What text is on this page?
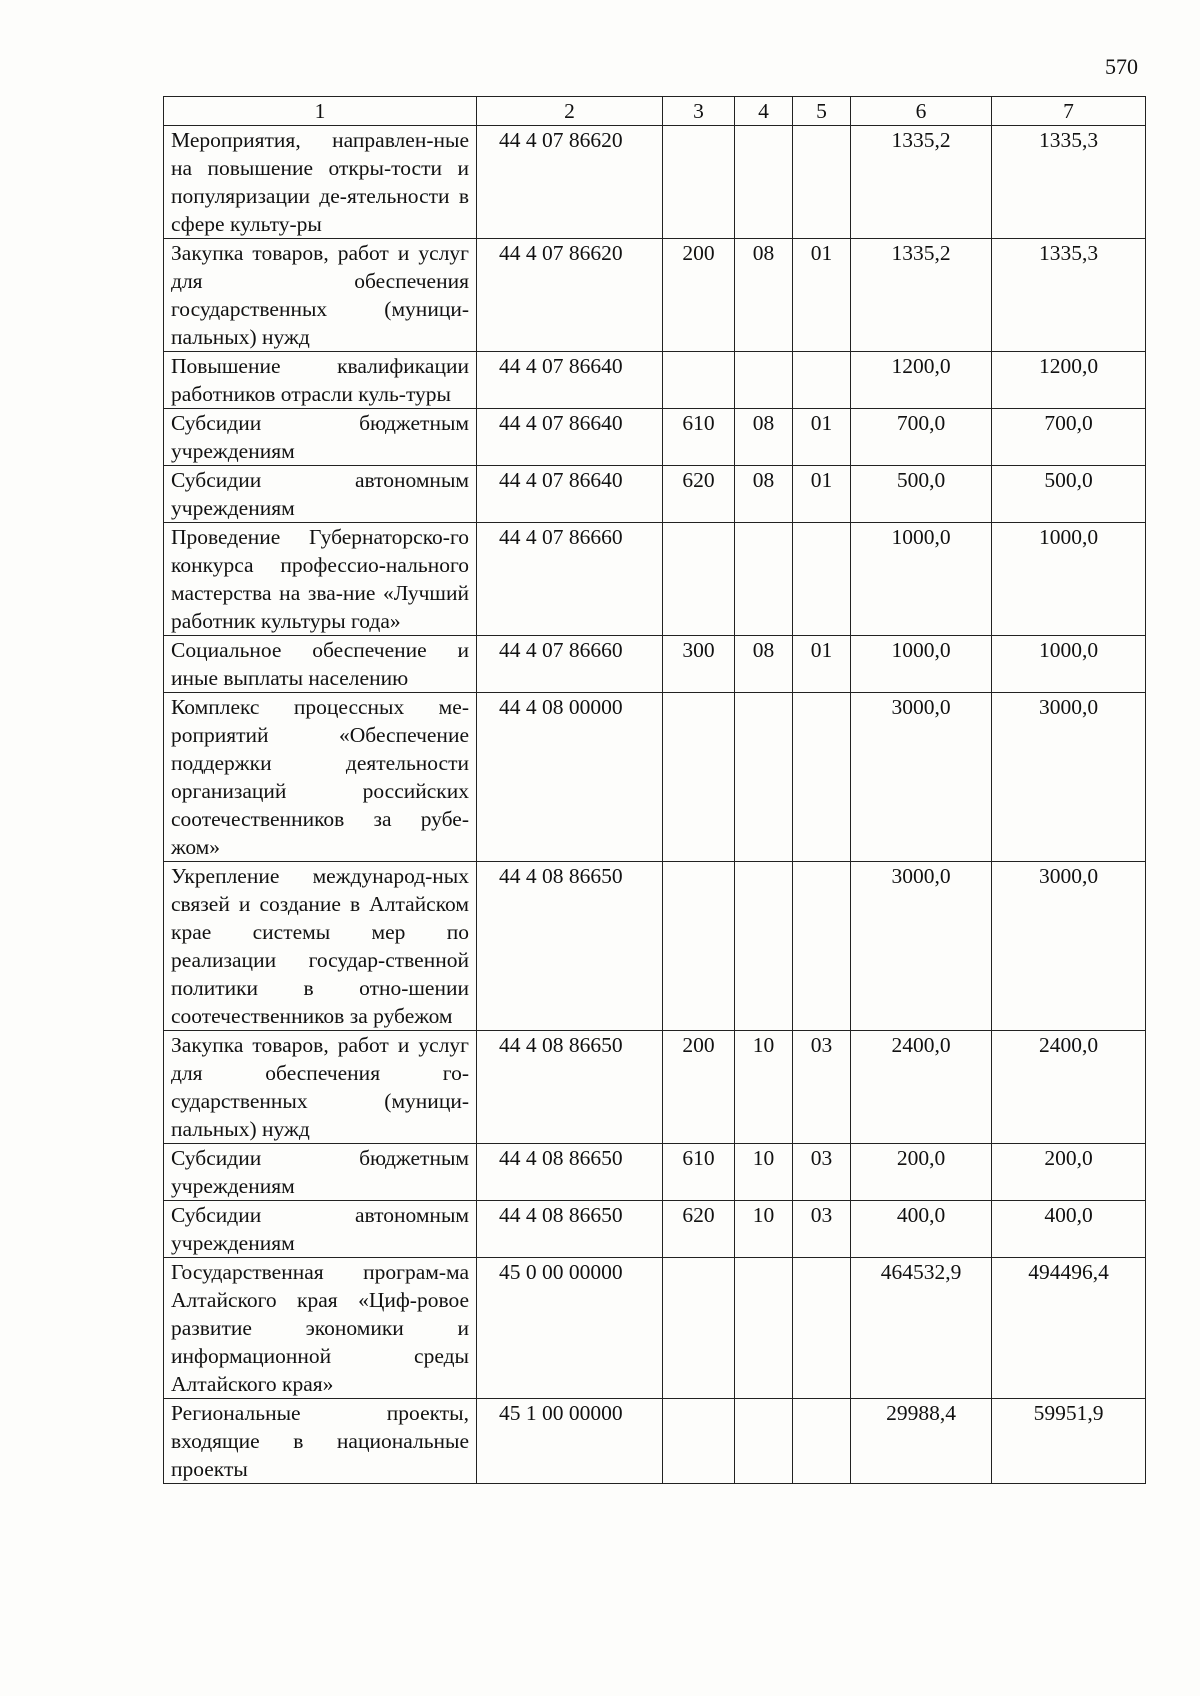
570
1	2	3	4	5	6	7
Мероприятия, направлен-ные на повышение откры-тости и популяризации де-ятельности в сфере культу-ры	44 4 07 86620				1335,2	1335,3
Закупка товаров, работ и услуг для обеспечения государственных (муници-пальных) нужд	44 4 07 86620	200	08	01	1335,2	1335,3
Повышение квалификации работников отрасли куль-туры	44 4 07 86640				1200,0	1200,0
Субсидии бюджетным учреждениям	44 4 07 86640	610	08	01	700,0	700,0
Субсидии автономным учреждениям	44 4 07 86640	620	08	01	500,0	500,0
Проведение Губернаторско-го конкурса профессио-нального мастерства на зва-ние «Лучший работник культуры года»	44 4 07 86660				1000,0	1000,0
Социальное обеспечение и иные выплаты населению	44 4 07 86660	300	08	01	1000,0	1000,0
Комплекс процессных ме-роприятий «Обеспечение поддержки деятельности организаций российских соотечественников за рубе-жом»	44 4 08 00000				3000,0	3000,0
Укрепление международ-ных связей и создание в Алтайском крае системы мер по реализации государ-ственной политики в отно-шении соотечественников за рубежом	44 4 08 86650				3000,0	3000,0
Закупка товаров, работ и услуг для обеспечения го-сударственных (муници-пальных) нужд	44 4 08 86650	200	10	03	2400,0	2400,0
Субсидии бюджетным учреждениям	44 4 08 86650	610	10	03	200,0	200,0
Субсидии автономным учреждениям	44 4 08 86650	620	10	03	400,0	400,0
Государственная програм-ма Алтайского края «Циф-ровое развитие экономики и информационной среды Алтайского края»	45 0 00 00000				464532,9	494496,4
Региональные проекты, входящие в национальные проекты	45 1 00 00000				29988,4	59951,9
